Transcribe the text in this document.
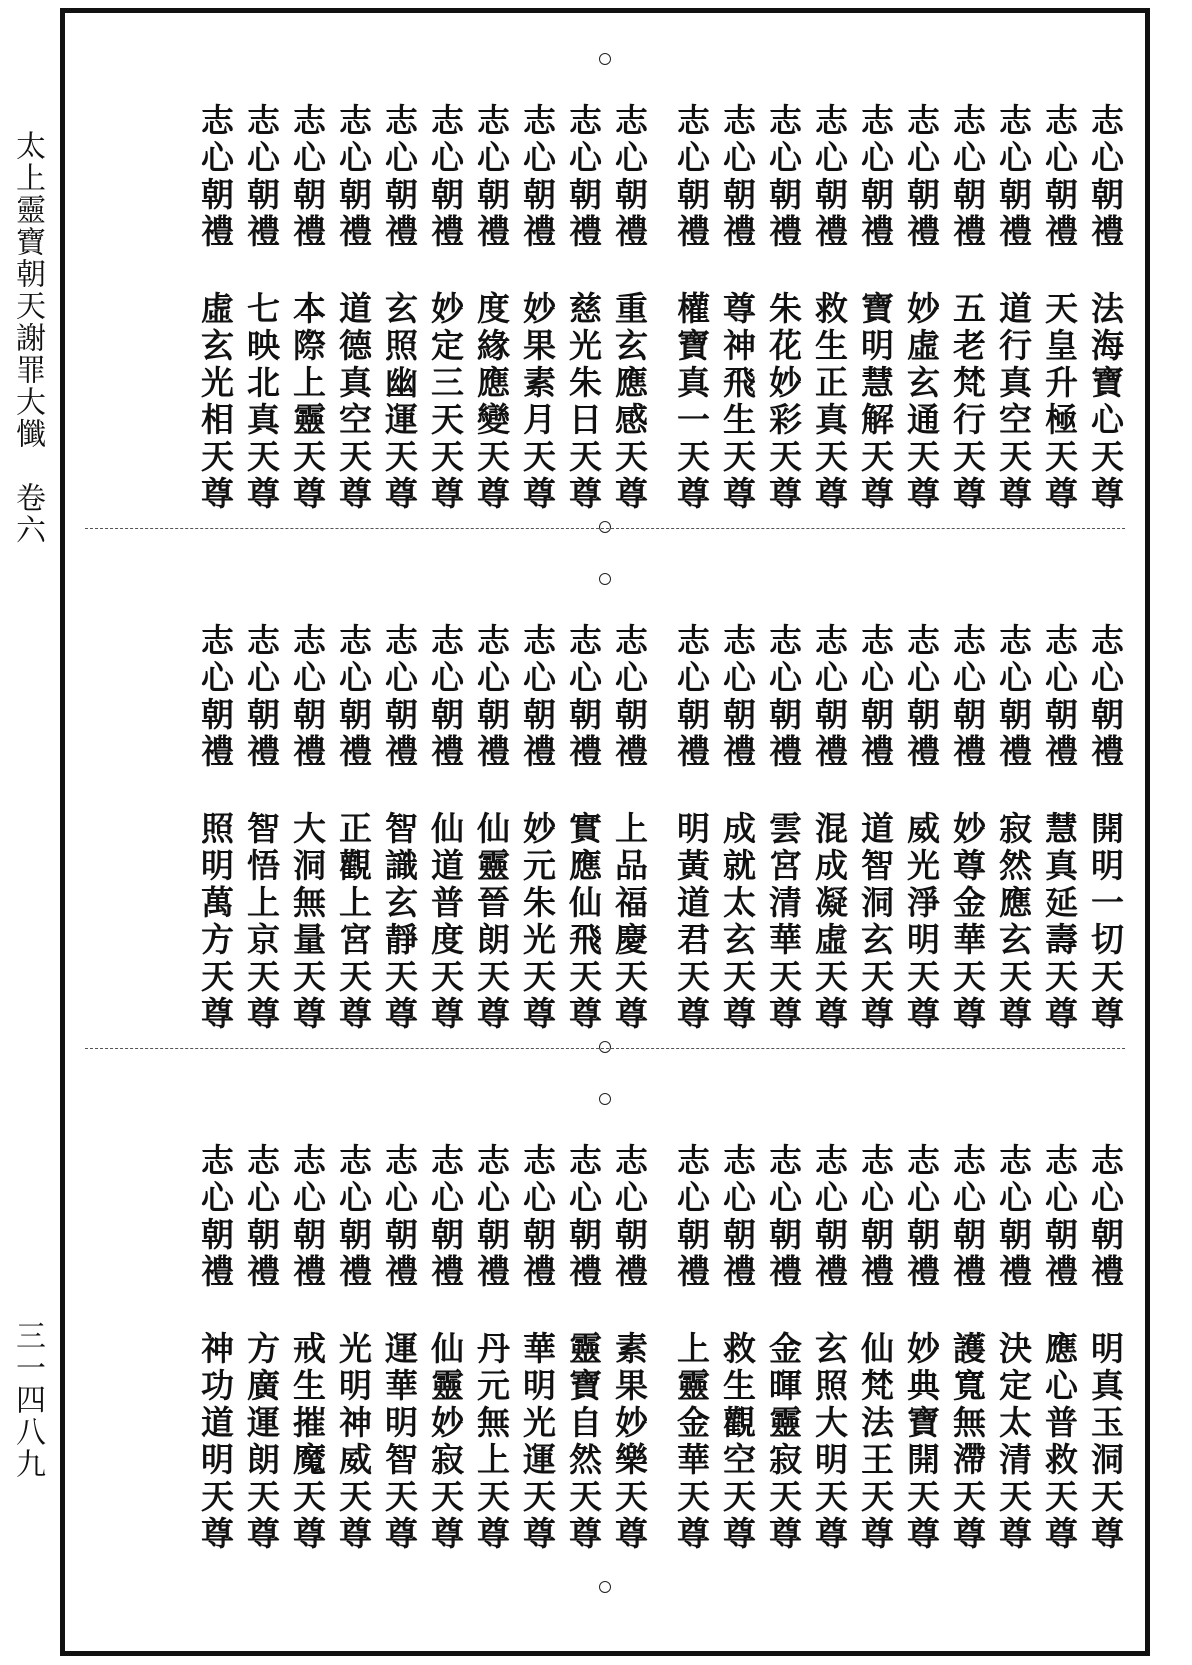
太上靈寶朝天謝罪大懺　卷六
三一四八九
志心朝禮
法海寶心天尊
志心朝禮
天皇升極天尊
志心朝禮
道行真空天尊
志心朝禮
五老梵行天尊
志心朝禮
妙虛玄通天尊
志心朝禮
寶明慧解天尊
志心朝禮
救生正真天尊
志心朝禮
朱花妙彩天尊
志心朝禮
尊神飛生天尊
志心朝禮
權寶真一天尊
志心朝禮
重玄應感天尊
志心朝禮
慈光朱日天尊
志心朝禮
妙果素月天尊
志心朝禮
度緣應變天尊
志心朝禮
妙定三天天尊
志心朝禮
玄照幽運天尊
志心朝禮
道德真空天尊
志心朝禮
本際上靈天尊
志心朝禮
七映北真天尊
志心朝禮
虛玄光相天尊
志心朝禮
開明一切天尊
志心朝禮
慧真延壽天尊
志心朝禮
寂然應玄天尊
志心朝禮
妙尊金華天尊
志心朝禮
威光淨明天尊
志心朝禮
道智洞玄天尊
志心朝禮
混成凝虛天尊
志心朝禮
雲宮清華天尊
志心朝禮
成就太玄天尊
志心朝禮
明黃道君天尊
志心朝禮
上品福慶天尊
志心朝禮
實應仙飛天尊
志心朝禮
妙元朱光天尊
志心朝禮
仙靈晉朗天尊
志心朝禮
仙道普度天尊
志心朝禮
智識玄靜天尊
志心朝禮
正觀上宮天尊
志心朝禮
大洞無量天尊
志心朝禮
智悟上京天尊
志心朝禮
照明萬方天尊
志心朝禮
明真玉洞天尊
志心朝禮
應心普救天尊
志心朝禮
決定太清天尊
志心朝禮
護寬無滯天尊
志心朝禮
妙典寶開天尊
志心朝禮
仙梵法王天尊
志心朝禮
玄照大明天尊
志心朝禮
金暉靈寂天尊
志心朝禮
救生觀空天尊
志心朝禮
上靈金華天尊
志心朝禮
素果妙樂天尊
志心朝禮
靈寶自然天尊
志心朝禮
華明光運天尊
志心朝禮
丹元無上天尊
志心朝禮
仙靈妙寂天尊
志心朝禮
運華明智天尊
志心朝禮
光明神威天尊
志心朝禮
戒生摧魔天尊
志心朝禮
方廣運朗天尊
志心朝禮
神功道明天尊
